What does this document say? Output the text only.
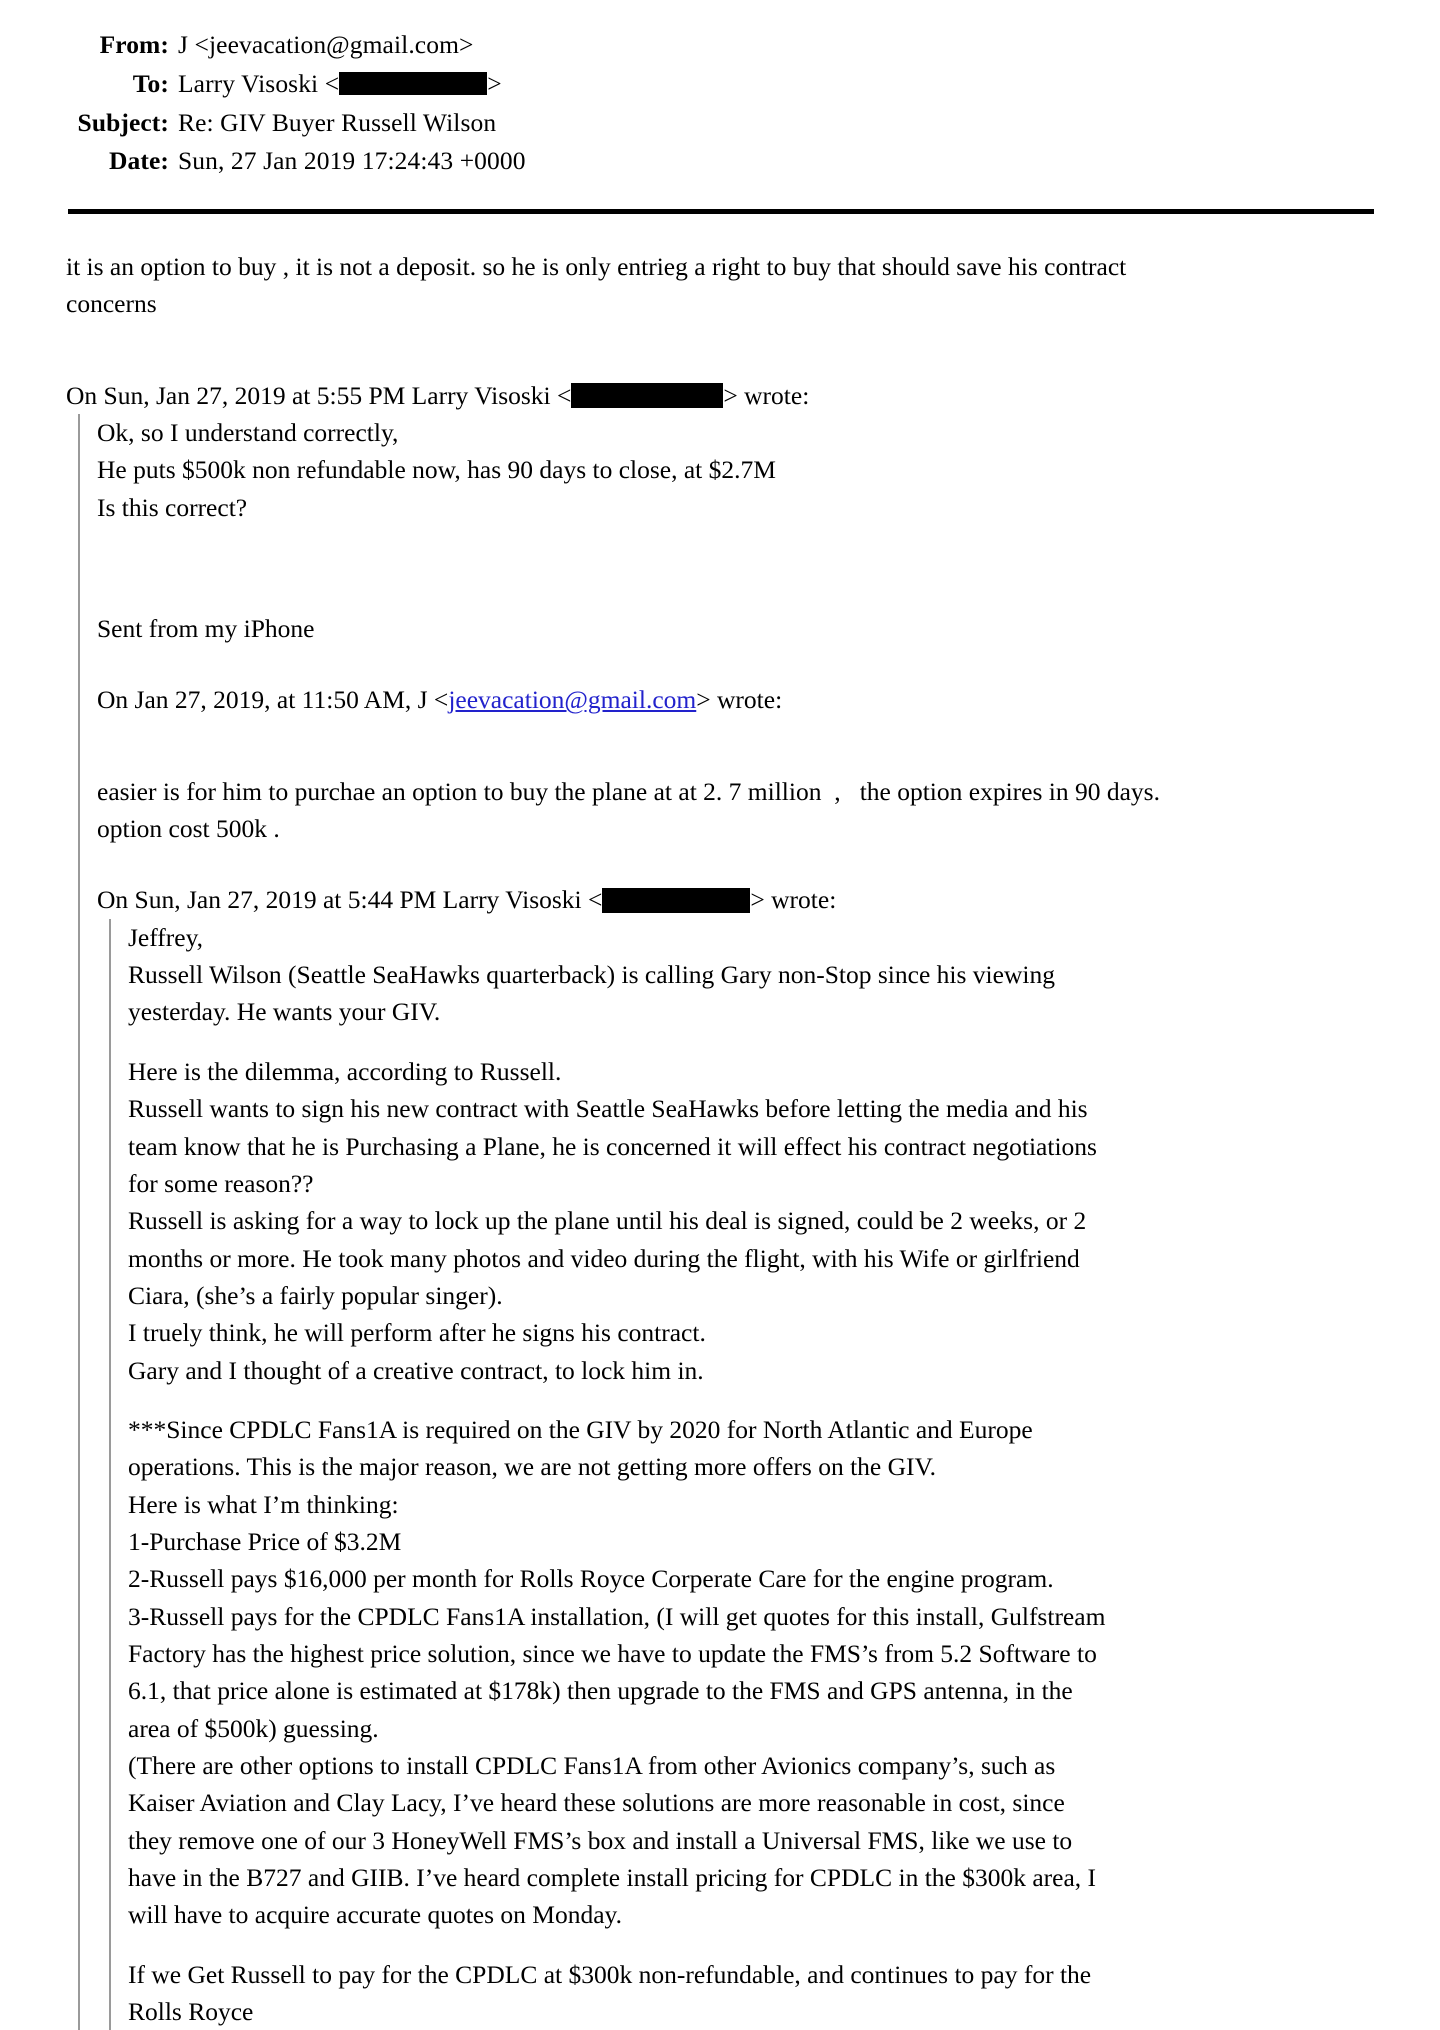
From: J <jeevacation@gmail.com>
To: Larry Visoski <	>
Subject: Re: GIV Buyer Russell Wilson
Date: Sun, 27 Jan 2019 17:24:43 +0000

it is an option to buy , it is not a deposit. so he is only entrieg a right to buy that should save his contract

concerns

On Sun, Jan 27, 2019 at 5:55 PM Larry Visoski <	> wrote:

Ok, so I understand correctly,

He puts $500k non refundable now, has 90 days to close, at $2.7M

Is this correct?

Sent from my iPhone

On Jan 27, 2019, at 11:50 AM, J <jeevacation@gmail.com> wrote:

easier is for him to purchae an option to buy the plane at at 2. 7 million  ,   the option expires in 90 days.

option cost 500k .

On Sun, Jan 27, 2019 at 5:44 PM Larry Visoski <	> wrote:

Jeffrey,

Russell Wilson (Seattle SeaHawks quarterback) is calling Gary non-Stop since his viewing yesterday. He wants your GIV.

Here is the dilemma, according to Russell.

Russell wants to sign his new contract with Seattle SeaHawks before letting the media and his team know that he is Purchasing a Plane, he is concerned it will effect his contract negotiations for some reason??

Russell is asking for a way to lock up the plane until his deal is signed, could be 2 weeks, or 2 months or more. He took many photos and video during the flight, with his Wife or girlfriend Ciara, (she’s a fairly popular singer).

I truely think, he will perform after he signs his contract.

Gary and I thought of a creative contract, to lock him in.

***Since CPDLC Fans1A is required on the GIV by 2020 for North Atlantic and Europe operations. This is the major reason, we are not getting more offers on the GIV.

Here is what I’m thinking:

1-Purchase Price of $3.2M

2-Russell pays $16,000 per month for Rolls Royce Corperate Care for the engine program.

3-Russell pays for the CPDLC Fans1A installation, (I will get quotes for this install, Gulfstream Factory has the highest price solution, since we have to update the FMS’s from 5.2 Software to 6.1, that price alone is estimated at $178k) then upgrade to the FMS and GPS antenna, in the area of $500k) guessing.

(There are other options to install CPDLC Fans1A from other Avionics company’s, such as Kaiser Aviation and Clay Lacy, I’ve heard these solutions are more reasonable in cost, since they remove one of our 3 HoneyWell FMS’s box and install a Universal FMS, like we use to have in the B727 and GIIB. I’ve heard complete install pricing for CPDLC in the $300k area, I will have to acquire accurate quotes on Monday.

If we Get Russell to pay for the CPDLC at $300k non-refundable, and continues to pay for the Rolls Royce
